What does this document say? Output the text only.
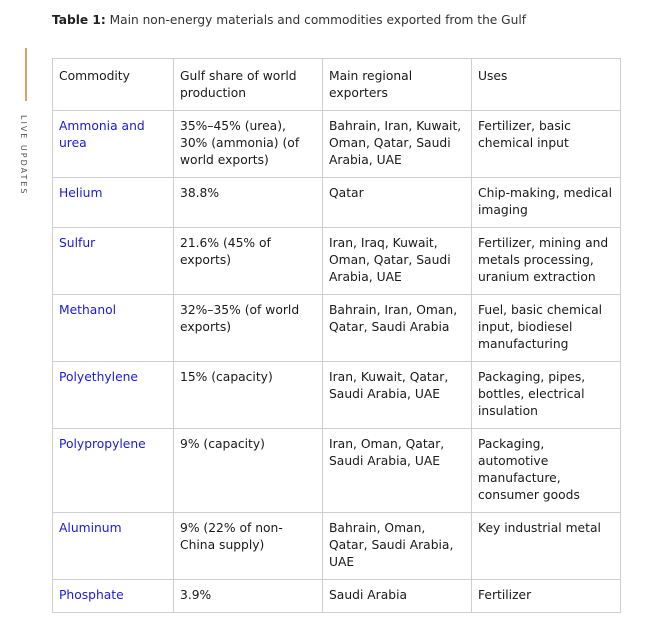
LIVE UPDATES
Table 1: Main non-energy materials and commodities exported from the Gulf
Commodity	Gulf share of world production	Main regional exporters	Uses
Ammonia and urea	35%–45% (urea), 30% (ammonia) (of world exports)	Bahrain, Iran, Kuwait, Oman, Qatar, Saudi Arabia, UAE	Fertilizer, basic chemical input
Helium	38.8%	Qatar	Chip-making, medical imaging
Sulfur	21.6% (45% of exports)	Iran, Iraq, Kuwait, Oman, Qatar, Saudi Arabia, UAE	Fertilizer, mining and metals processing, uranium extraction
Methanol	32%–35% (of world exports)	Bahrain, Iran, Oman, Qatar, Saudi Arabia	Fuel, basic chemical input, biodiesel manufacturing
Polyethylene	15% (capacity)	Iran, Kuwait, Qatar, Saudi Arabia, UAE	Packaging, pipes, bottles, electrical insulation
Polypropylene	9% (capacity)	Iran, Oman, Qatar, Saudi Arabia, UAE	Packaging, automotive manufacture, consumer goods
Aluminum	9% (22% of non-China supply)	Bahrain, Oman, Qatar, Saudi Arabia, UAE	Key industrial metal
Phosphate	3.9%	Saudi Arabia	Fertilizer
